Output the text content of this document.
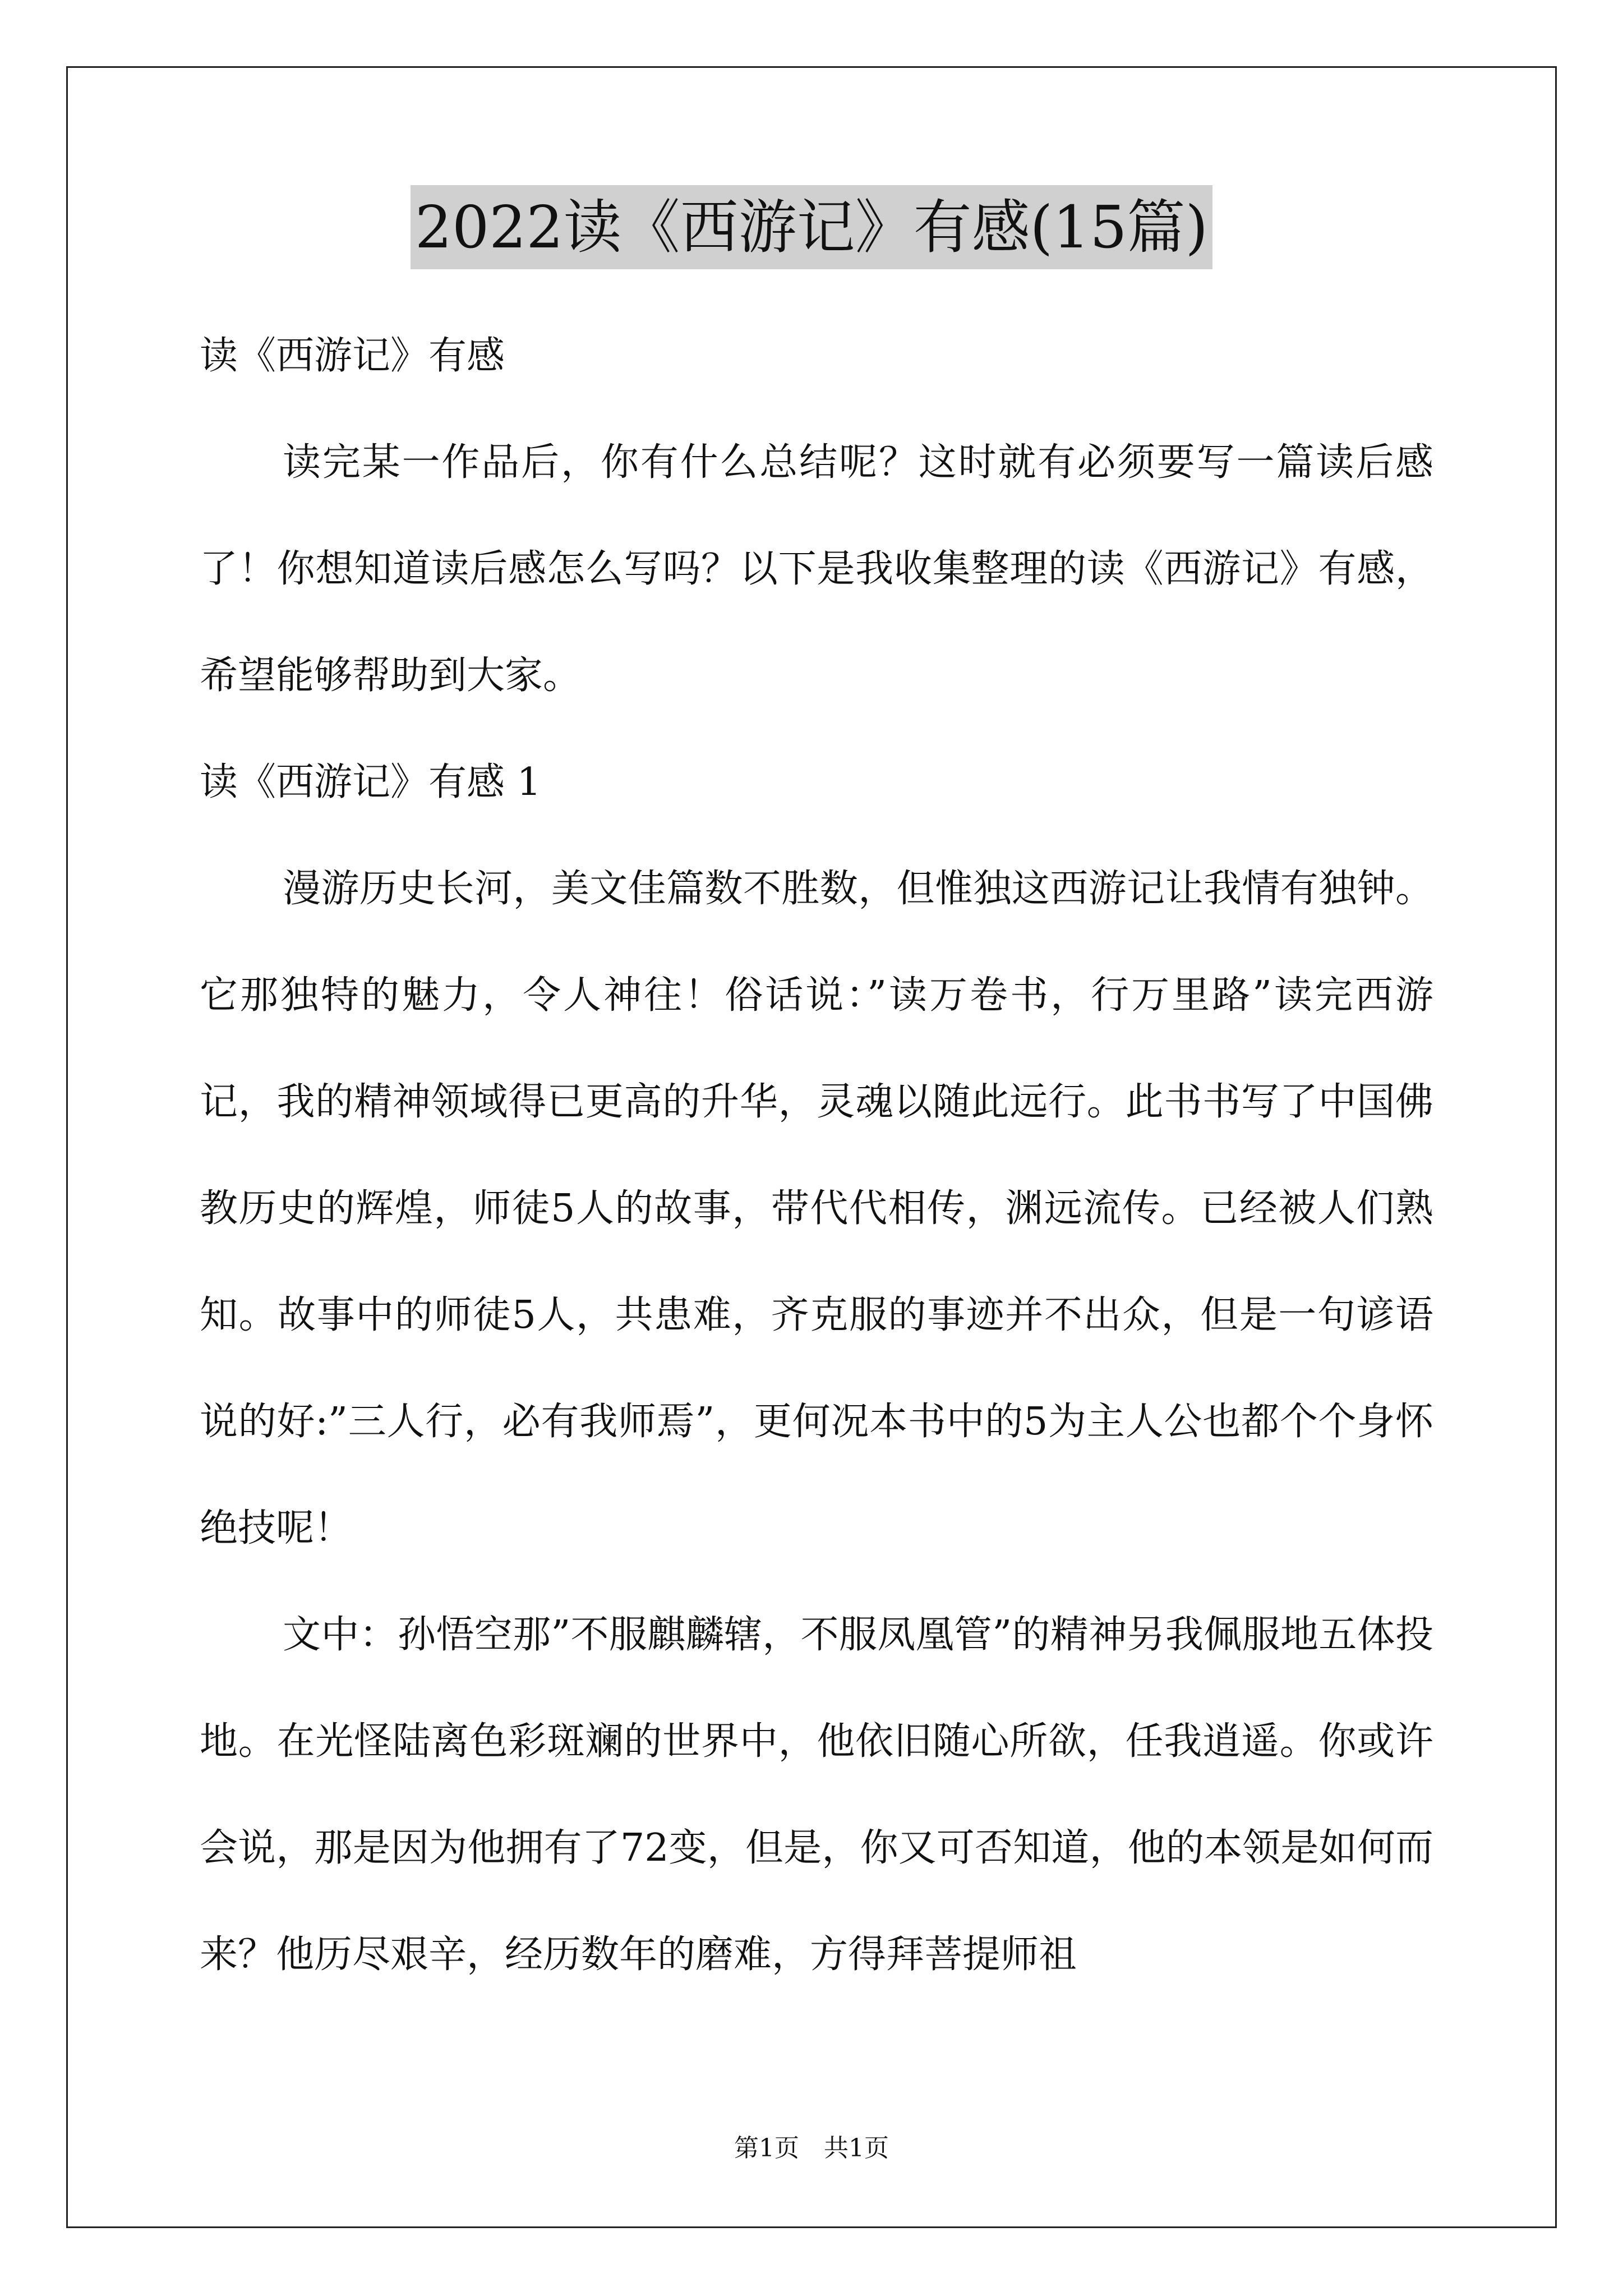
2022读《西游记》有感(15篇)

读《西游记》有感

读完某一作品后，你有什么总结呢？这时就有必须要写一篇读后感了！你想知道读后感怎么写吗？以下是我收集整理的读《西游记》有感，希望能够帮助到大家。

读《西游记》有感 1

漫游历史长河，美文佳篇数不胜数，但惟独这西游记让我情有独钟。它那独特的魅力，令人神往！俗话说：”读万卷书，行万里路”读完西游记，我的精神领域得已更高的升华，灵魂以随此远行。此书书写了中国佛教历史的辉煌，师徒5人的故事，带代代相传，渊远流传。已经被人们熟知。故事中的师徒5人，共患难，齐克服的事迹并不出众，但是一句谚语说的好:”三人行，必有我师焉”，更何况本书中的5为主人公也都个个身怀绝技呢！

文中：孙悟空那”不服麒麟辖，不服凤凰管”的精神另我佩服地五体投地。在光怪陆离色彩斑斓的世界中，他依旧随心所欲，任我逍遥。你或许会说，那是因为他拥有了72变，但是，你又可否知道，他的本领是如何而来？他历尽艰辛，经历数年的磨难，方得拜菩提师祖

第1页　共1页
